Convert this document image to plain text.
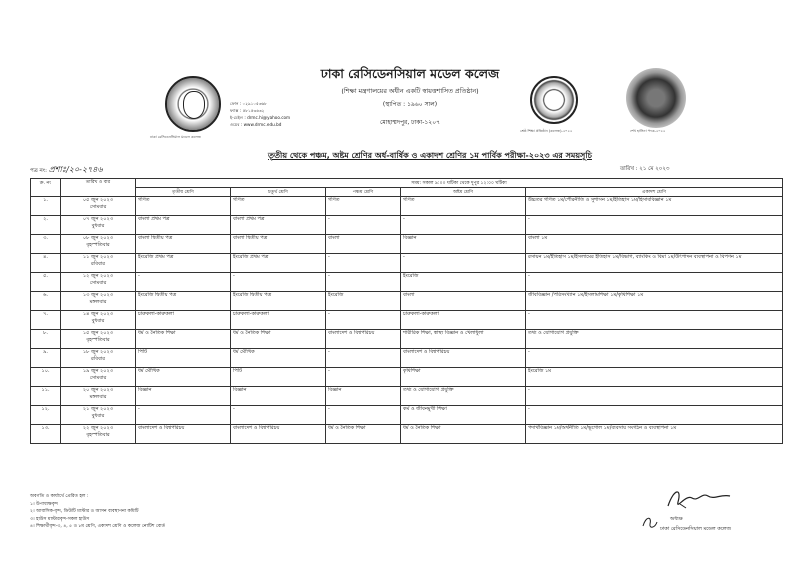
ঢাকা রেসিডেনসিয়াল মডেল কলেজ
ফোন : ০২৯১০৫৩৬৮
ফ্যাক্স : ৫৮১৫৩৬৩২
ই-মেইল : drmc.hi@yahoo.com
ওয়েব : www.drmc.edu.bd
ঢাকা রেসিডেনসিয়াল মডেল কলেজ
(শিক্ষা মন্ত্রণালয়ের অধীন একটি স্বায়ত্তশাসিত প্রতিষ্ঠান)
(স্থাপিত : ১৯৬০ সাল)
মোহাম্মদপুর, ঢাকা-১২০৭
শ্রেষ্ঠ শিক্ষা প্রতিষ্ঠান (কলেজ)-২০২২	শেখ হাসিনা পদক-২০২২
তৃতীয় থেকে পঞ্চম, অষ্টম শ্রেণির অর্ধ-বার্ষিক ও একাদশ শ্রেণির ১ম পার্বিক পরীক্ষা-২০২৩ এর সময়সূচি
পত্র নং: প্রশাঃ/২০-২৭৪৬	তারিখ : ২১ মে ২০২৩
ক্র. নং	তারিখ ও বার	সময়: সকাল ৯:০০ ঘটিকা থেকে দুপুর ১২:০০ ঘটিকা				
		তৃতীয় শ্রেণি	চতুর্থ শ্রেণি	পঞ্চম শ্রেণি	অষ্টম শ্রেণি	একাদশ শ্রেণি
১.	০৫ জুন ২০২৩
সোমবার	গণিত	গণিত	গণিত	গণিত	উচ্চতর গণিত ১ম/পৌরনীতি ও সুশাসন ১ম/ইতিহাস ১ম/হিসাববিজ্ঞান ১ম
২.	০৭ জুন ২০২৩
বুধবার	বাংলা প্রথম পত্র	বাংলা প্রথম পত্র	-	-	-
৩.	০৮ জুন ২০২৩
বৃহস্পতিবার	বাংলা দ্বিতীয় পত্র	বাংলা দ্বিতীয় পত্র	বাংলা	বিজ্ঞান	বাংলা ১ম
৪.	১১ জুন ২০২৩
রবিবার	ইংরেজি প্রথম পত্র	ইংরেজি প্রথম পত্র	-	-	রসায়ন ১ম/ইতিহাস ১ম/ইসলামের ইতিহাস ১ম/বিভাগ, ব্যাংকিং ও বিমা ১ম/উৎপাদন ব্যবস্থাপনা ও বিপণন ১ম
৫.	১২ জুন ২০২৩
সোমবার	-	-	-	ইংরেজি	-
৬.	১৩ জুন ২০২৩
মঙ্গলবার	ইংরেজি দ্বিতীয় পত্র	ইংরেজি দ্বিতীয় পত্র	ইংরেজি	বাংলা	জীববিজ্ঞান /পরিসংখ্যান ১ম/ইসলামশিক্ষা ১ম/কৃষিশিক্ষা ১ম
৭.	১৪ জুন ২০২৩
বুধবার	চারুকলা-কারুকলা	চারুকলা-কারুকলা	-	চারুকলা-কারুকলা	-
৮.	১৫ জুন ২০২৩
বৃহস্পতিবার	ধর্ম ও নৈতিক শিক্ষা	ধর্ম ও নৈতিক শিক্ষা	বাংলাদেশ ও বিশ্বপরিচয়	শারীরিক শিক্ষা, স্বাস্থ্য বিজ্ঞান ও খেলাধুলা	তথ্য ও যোগাযোগ প্রযুক্তি
৯.	১৮ জুন ২০২৩
রবিবার	পিটি	ধর্ম মৌখিক	-	বাংলাদেশ ও বিশ্বপরিচয়	-
১০.	১৯ জুন ২০২৩
সোমবার	ধর্ম মৌখিক	পিটি	-	কৃষিশিক্ষা	ইংরেজি ১ম
১১.	২০ জুন ২০২৩
মঙ্গলবার	বিজ্ঞান	বিজ্ঞান	বিজ্ঞান	তথ্য ও যোগাযোগ প্রযুক্তি	-
১২.	২১ জুন ২০২৩
বুধবার	-	-	-	কর্ম ও জীবনমুখী শিক্ষা	-
১৩.	২২ জুন ২০২৩
বৃহস্পতিবার	বাংলাদেশ ও বিশ্বপরিচয়	বাংলাদেশ ও বিশ্বপরিচয়	ধর্ম ও নৈতিক শিক্ষা	ধর্ম ও নৈতিক শিক্ষা	পদার্থবিজ্ঞান ১ম/অর্থনীতি ১ম/ভূগোল ১ম/ব্যবসায় সংগঠন ও ব্যবস্থাপনা ১ম
অবগতি ও কার্যার্থে প্রেরিত হল :
১। উপাধ্যক্ষবৃন্দ
২। আবাসিক-বৃন্দ, ডিউটি মাস্টার ও আসন ব্যবস্থাপনা কমিটি
৩। হাউস মাস্টারবৃন্দ-সকল হাউস
৪। শিক্ষার্থীবৃন্দ-৩, ৪, ৫ ও ৮ম শ্রেণি, একাদশ শ্রেণি ও কলেজ নোটিশ বোর্ড
অধ্যক্ষ
ঢাকা রেসিডেনসিয়াল মডেল কলেজ
